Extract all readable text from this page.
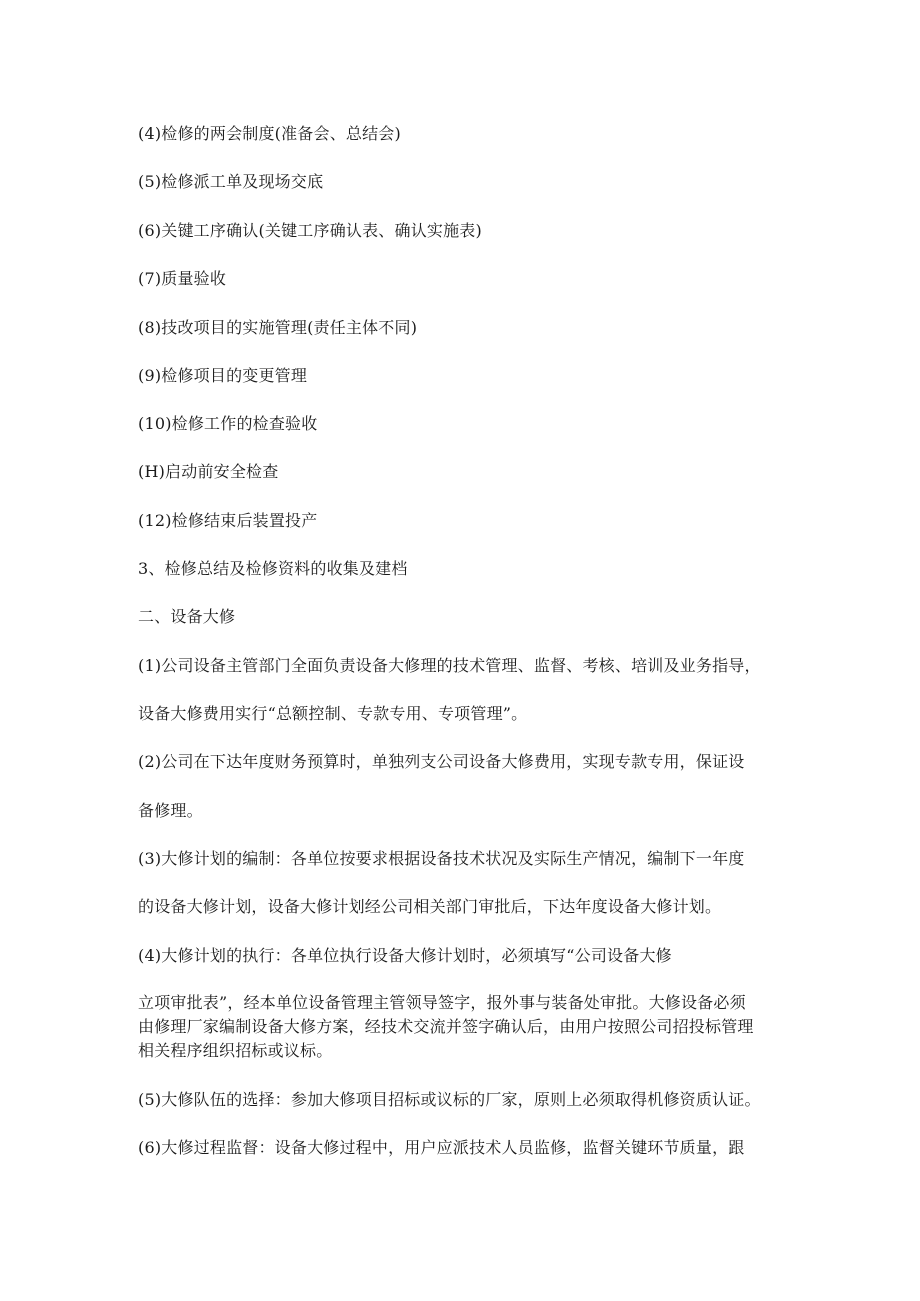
(4)检修的两会制度(准备会、总结会)
(5)检修派工单及现场交底
(6)关键工序确认(关键工序确认表、确认实施表)
(7)质量验收
(8)技改项目的实施管理(责任主体不同)
(9)检修项目的变更管理
(10)检修工作的检查验收
(H)启动前安全检查
(12)检修结束后装置投产
3、检修总结及检修资料的收集及建档
二、设备大修
(1)公司设备主管部门全面负责设备大修理的技术管理、监督、考核、培训及业务指导，
设备大修费用实行“总额控制、专款专用、专项管理”。
(2)公司在下达年度财务预算时，单独列支公司设备大修费用，实现专款专用，保证设
备修理。
(3)大修计划的编制：各单位按要求根据设备技术状况及实际生产情况，编制下一年度
的设备大修计划，设备大修计划经公司相关部门审批后，下达年度设备大修计划。
(4)大修计划的执行：各单位执行设备大修计划时，必须填写“公司设备大修
立项审批表”，经本单位设备管理主管领导签字，报外事与装备处审批。大修设备必须
由修理厂家编制设备大修方案，经技术交流并签字确认后，由用户按照公司招投标管理
相关程序组织招标或议标。
(5)大修队伍的选择：参加大修项目招标或议标的厂家，原则上必须取得机修资质认证。
(6)大修过程监督：设备大修过程中，用户应派技术人员监修，监督关键环节质量，跟
